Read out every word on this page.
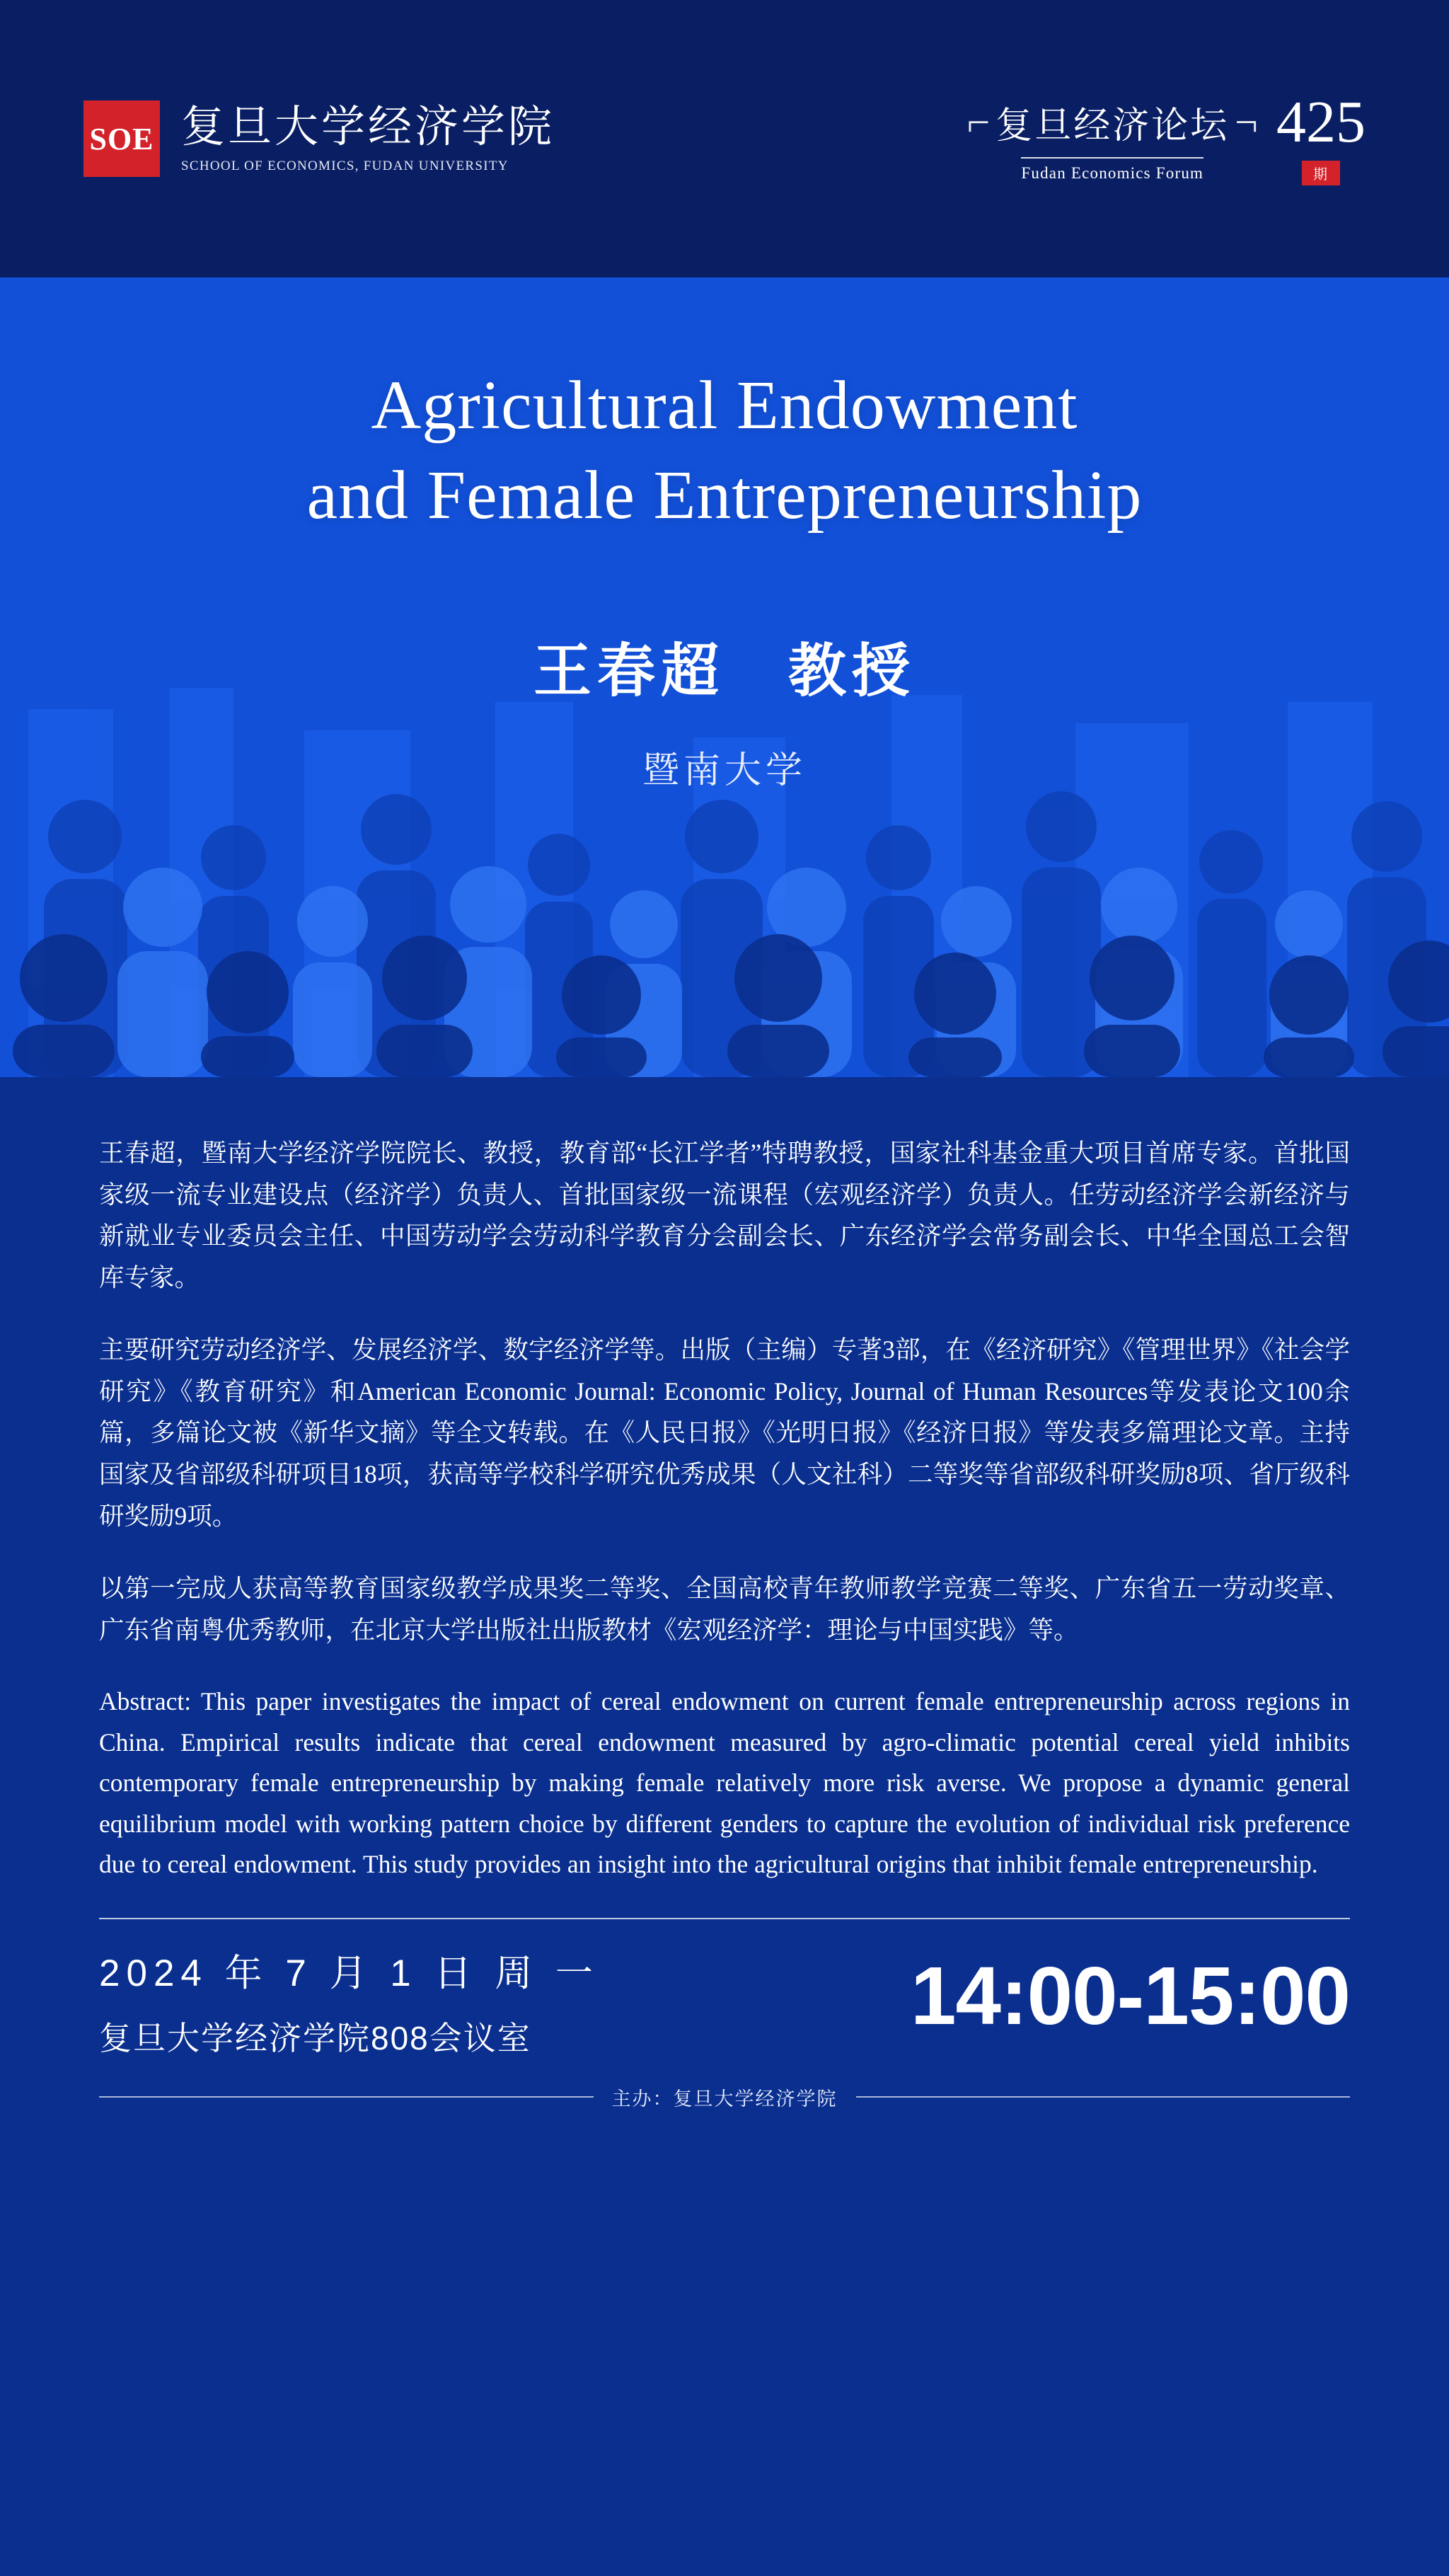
SOE 复旦大学经济学院
SCHOOL OF ECONOMICS, FUDAN UNIVERSITY
⌐ 复旦经济论坛 ¬
Fudan Economics Forum
425
期
Agricultural Endowment
and Female Entrepreneurship
王春超　教授
暨南大学

王春超，暨南大学经济学院院长、教授，教育部“长江学者”特聘教授，国家社科基金重大项目首席专家。首批国家级一流专业建设点（经济学）负责人、首批国家级一流课程（宏观经济学）负责人。任劳动经济学会新经济与新就业专业委员会主任、中国劳动学会劳动科学教育分会副会长、广东经济学会常务副会长、中华全国总工会智库专家。

主要研究劳动经济学、发展经济学、数字经济学等。出版（主编）专著3部，在《经济研究》《管理世界》《社会学研究》《教育研究》和American Economic Journal: Economic Policy, Journal of Human Resources等发表论文100余篇，多篇论文被《新华文摘》等全文转载。在《人民日报》《光明日报》《经济日报》等发表多篇理论文章。主持国家及省部级科研项目18项，获高等学校科学研究优秀成果（人文社科）二等奖等省部级科研奖励8项、省厅级科研奖励9项。

以第一完成人获高等教育国家级教学成果奖二等奖、全国高校青年教师教学竞赛二等奖、广东省五一劳动奖章、广东省南粤优秀教师，在北京大学出版社出版教材《宏观经济学：理论与中国实践》等。

Abstract: This paper investigates the impact of cereal endowment on current female entrepreneurship across regions in China. Empirical results indicate that cereal endowment measured by agro-climatic potential cereal yield inhibits contemporary female entrepreneurship by making female relatively more risk averse. We propose a dynamic general equilibrium model with working pattern choice by different genders to capture the evolution of individual risk preference due to cereal endowment. This study provides an insight into the agricultural origins that inhibit female entrepreneurship.

2024 年 7 月 1 日 周 一
复旦大学经济学院808会议室	14:00-15:00
主办：复旦大学经济学院
